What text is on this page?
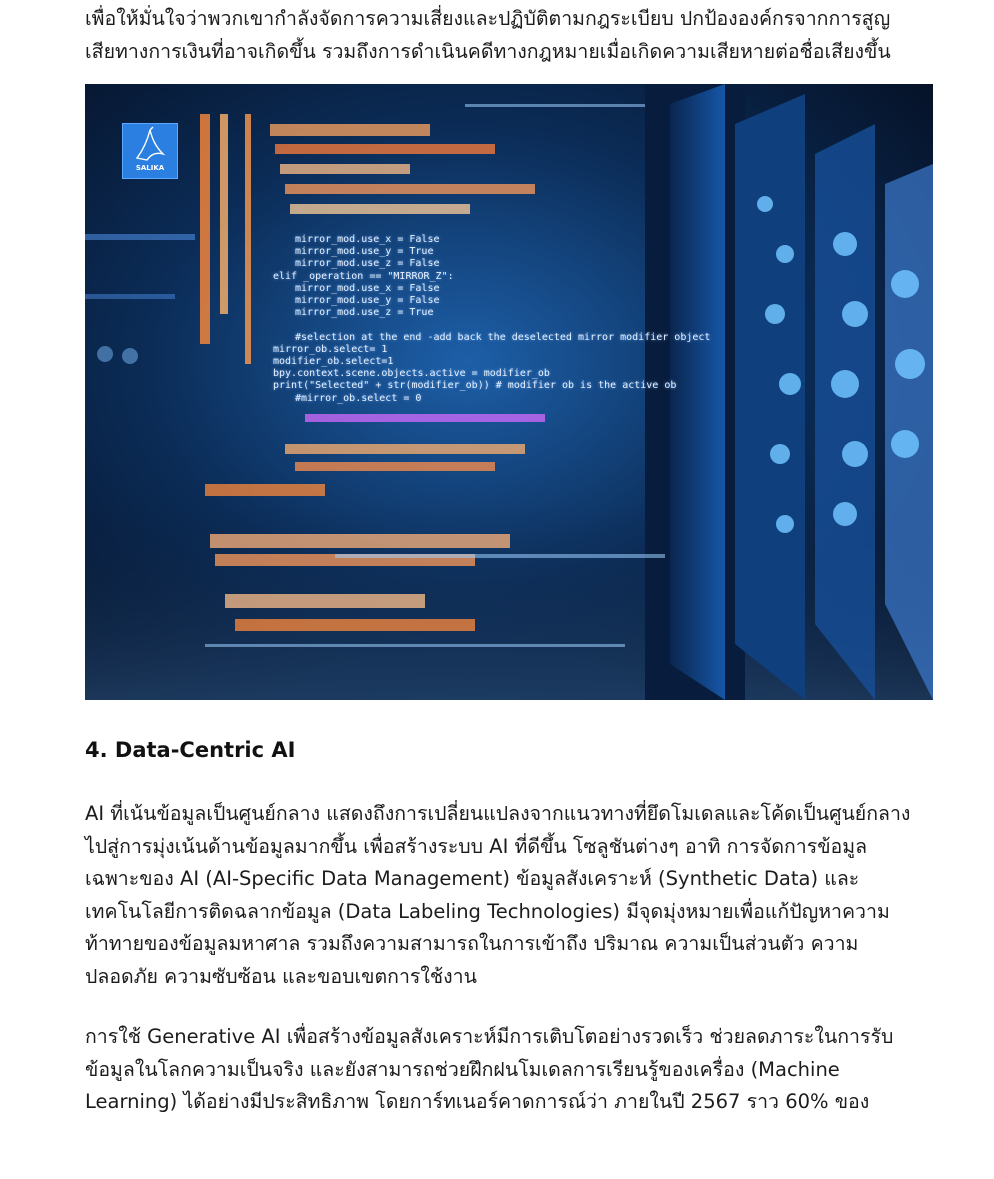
เพื่อให้มั่นใจว่าพวกเขากำลังจัดการความเสี่ยงและปฏิบัติตามกฎระเบียบ ปกป้ององค์กรจากการสูญ
เสียทางการเงินที่อาจเกิดขึ้น รวมถึงการดำเนินคดีทางกฎหมายเมื่อเกิดความเสียหายต่อชื่อเสียงขึ้น

SALIKA
mirror_mod.use_x = False
mirror_mod.use_y = True
mirror_mod.use_z = False
elif _operation == "MIRROR_Z":
mirror_mod.use_x = False
mirror_mod.use_y = False
mirror_mod.use_z = True

#selection at the end -add back the deselected mirror modifier object
mirror_ob.select= 1
modifier_ob.select=1
bpy.context.scene.objects.active = modifier_ob
print("Selected" + str(modifier_ob)) # modifier ob is the active ob
#mirror_ob.select = 0
4. Data-Centric AI

AI ที่เน้นข้อมูลเป็นศูนย์กลาง แสดงถึงการเปลี่ยนแปลงจากแนวทางที่ยึดโมเดลและโค้ดเป็นศูนย์กลาง
ไปสู่การมุ่งเน้นด้านข้อมูลมากขึ้น เพื่อสร้างระบบ AI ที่ดีขึ้น โซลูชันต่างๆ อาทิ การจัดการข้อมูล
เฉพาะของ AI (AI-Specific Data Management) ข้อมูลสังเคราะห์ (Synthetic Data) และ
เทคโนโลยีการติดฉลากข้อมูล (Data Labeling Technologies) มีจุดมุ่งหมายเพื่อแก้ปัญหาความ
ท้าทายของข้อมูลมหาศาล รวมถึงความสามารถในการเข้าถึง ปริมาณ ความเป็นส่วนตัว ความ
ปลอดภัย ความซับซ้อน และขอบเขตการใช้งาน

การใช้ Generative AI เพื่อสร้างข้อมูลสังเคราะห์มีการเติบโตอย่างรวดเร็ว ช่วยลดภาระในการรับ
ข้อมูลในโลกความเป็นจริง และยังสามารถช่วยฝึกฝนโมเดลการเรียนรู้ของเครื่อง (Machine
Learning) ได้อย่างมีประสิทธิภาพ โดยการ์ทเนอร์คาดการณ์ว่า ภายในปี 2567 ราว 60% ของ
